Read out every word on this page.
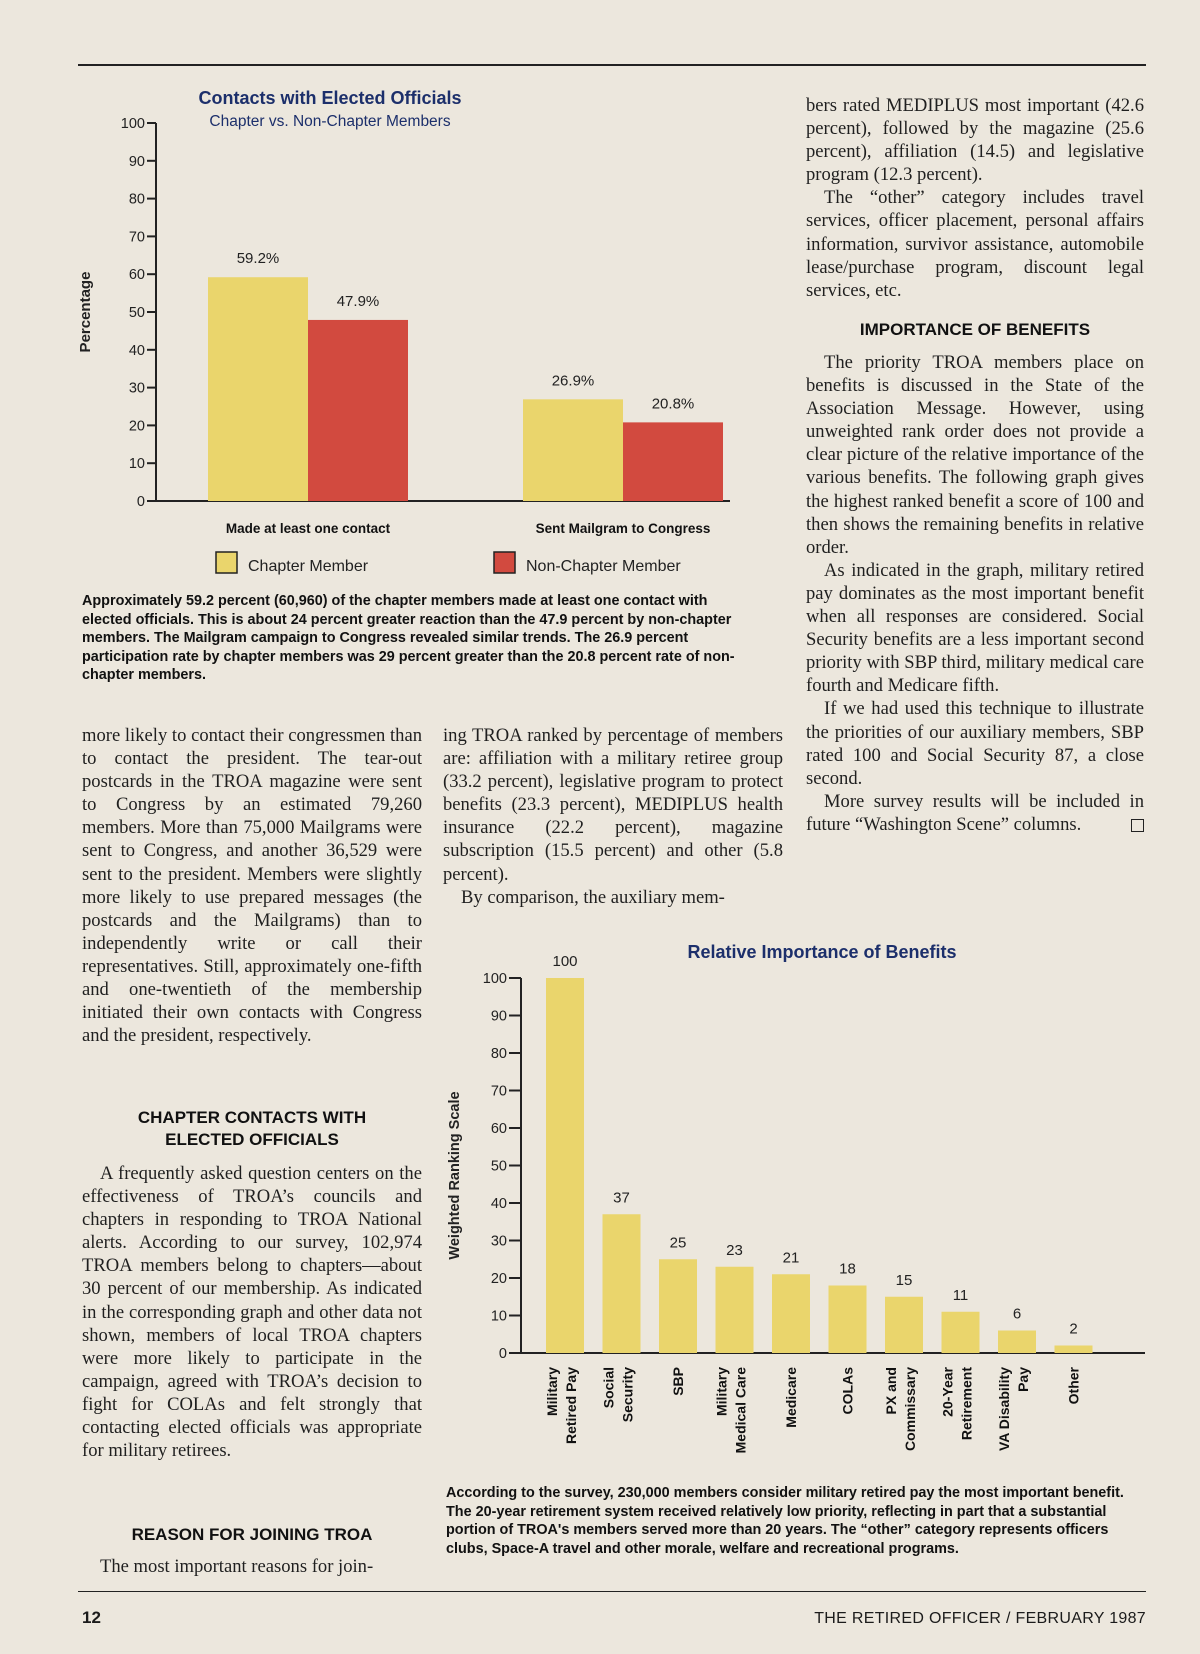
Contacts with Elected Officials
Chapter vs. Non-Chapter Members
0
10
20
30
40
50
60
70
80
90
100
Percentage
59.2%
47.9%
Made at least one contact
26.9%
20.8%
Sent Mailgram to Congress
Chapter Member	Non-Chapter Member
Approximately 59.2 percent (60,960) of the chapter members made at least one contact with elected officials. This is about 24 percent greater reaction than the 47.9 percent by non-chapter members. The Mailgram campaign to Congress revealed similar trends. The 26.9 percent participation rate by chapter members was 29 percent greater than the 20.8 percent rate of non-chapter members.

more likely to contact their congressmen than to contact the president. The tear-out postcards in the TROA magazine were sent to Congress by an estimated 79,260 members. More than 75,000 Mailgrams were sent to Congress, and another 36,529 were sent to the president. Members were slightly more likely to use prepared messages (the postcards and the Mailgrams) than to independently write or call their representatives. Still, approximately one-fifth and one-twentieth of the membership initiated their own contacts with Congress and the president, respectively.

CHAPTER CONTACTS WITH ELECTED OFFICIALS

A frequently asked question centers on the effectiveness of TROA’s councils and chapters in responding to TROA National alerts. According to our survey, 102,974 TROA members belong to chapters—about 30 percent of our membership. As indicated in the corresponding graph and other data not shown, members of local TROA chapters were more likely to participate in the campaign, agreed with TROA’s decision to fight for COLAs and felt strongly that contacting elected officials was appropriate for military retirees.

REASON FOR JOINING TROA

The most important reasons for join-

ing TROA ranked by percentage of members are: affiliation with a military retiree group (33.2 percent), legislative program to protect benefits (23.3 percent), MEDIPLUS health insurance (22.2 percent), magazine subscription (15.5 percent) and other (5.8 percent).

By comparison, the auxiliary mem-

bers rated MEDIPLUS most important (42.6 percent), followed by the magazine (25.6 percent), affiliation (14.5) and legislative program (12.3 percent).

The “other” category includes travel services, officer placement, personal affairs information, survivor assistance, automobile lease/purchase program, discount legal services, etc.

IMPORTANCE OF BENEFITS

The priority TROA members place on benefits is discussed in the State of the Association Message. However, using unweighted rank order does not provide a clear picture of the relative importance of the various benefits. The following graph gives the highest ranked benefit a score of 100 and then shows the remaining benefits in relative order.

As indicated in the graph, military retired pay dominates as the most important benefit when all responses are considered. Social Security benefits are a less important second priority with SBP third, military medical care fourth and Medicare fifth.

If we had used this technique to illustrate the priorities of our auxiliary members, SBP rated 100 and Social Security 87, a close second.

More survey results will be included in future “Washington Scene” columns.

Relative Importance of Benefits
0
10
20
30
40
50
60
70
80
90
100
Weighted Ranking Scale
100
Military Retired Pay
37
Social Security
25
SBP
23
Military Medical Care
21
Medicare
18
COLAs
15
PX and Commissary
11
20-Year Retirement
6
VA Disability Pay
2
Other
According to the survey, 230,000 members consider military retired pay the most important benefit. The 20-year retirement system received relatively low priority, reflecting in part that a substantial portion of TROA's members served more than 20 years. The “other” category represents officers clubs, Space-A travel and other morale, welfare and recreational programs.
12	THE RETIRED OFFICER / FEBRUARY 1987
